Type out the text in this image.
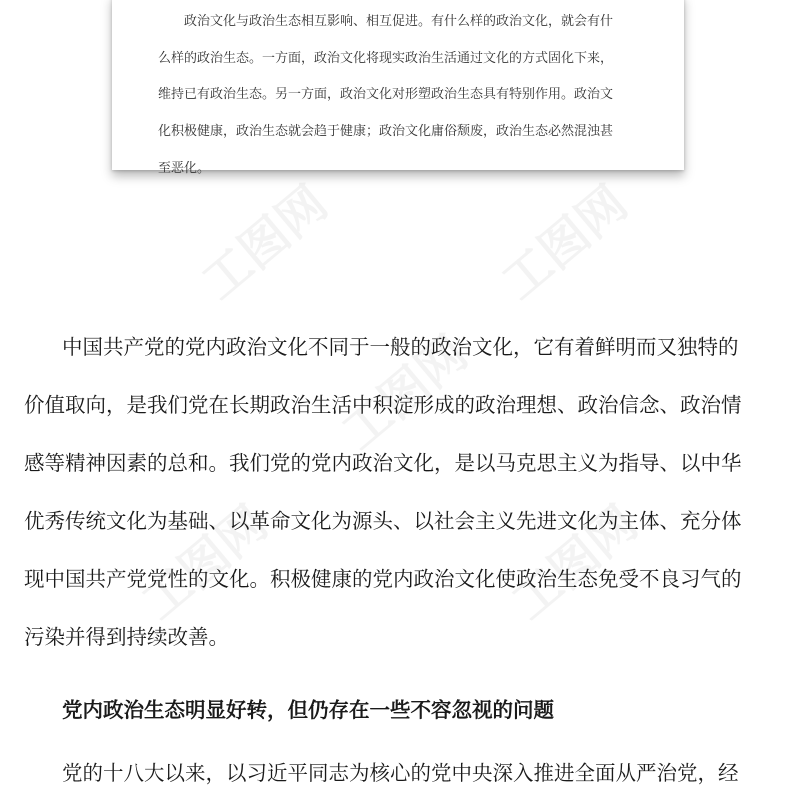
工图网	工图网
工图网
工图网	工图网
政治文化与政治生态相互影响、相互促进。有什么样的政治文化，就会有什
么样的政治生态。一方面，政治文化将现实政治生活通过文化的方式固化下来，
维持已有政治生态。另一方面，政治文化对形塑政治生态具有特别作用。政治文
化积极健康，政治生态就会趋于健康；政治文化庸俗颓废，政治生态必然混浊甚
至恶化。
中国共产党的党内政治文化不同于一般的政治文化，它有着鲜明而又独特的
价值取向，是我们党在长期政治生活中积淀形成的政治理想、政治信念、政治情
感等精神因素的总和。我们党的党内政治文化，是以马克思主义为指导、以中华
优秀传统文化为基础、以革命文化为源头、以社会主义先进文化为主体、充分体
现中国共产党党性的文化。积极健康的党内政治文化使政治生态免受不良习气的
污染并得到持续改善。
党内政治生态明显好转，但仍存在一些不容忽视的问题
党的十八大以来，以习近平同志为核心的党中央深入推进全面从严治党，经
